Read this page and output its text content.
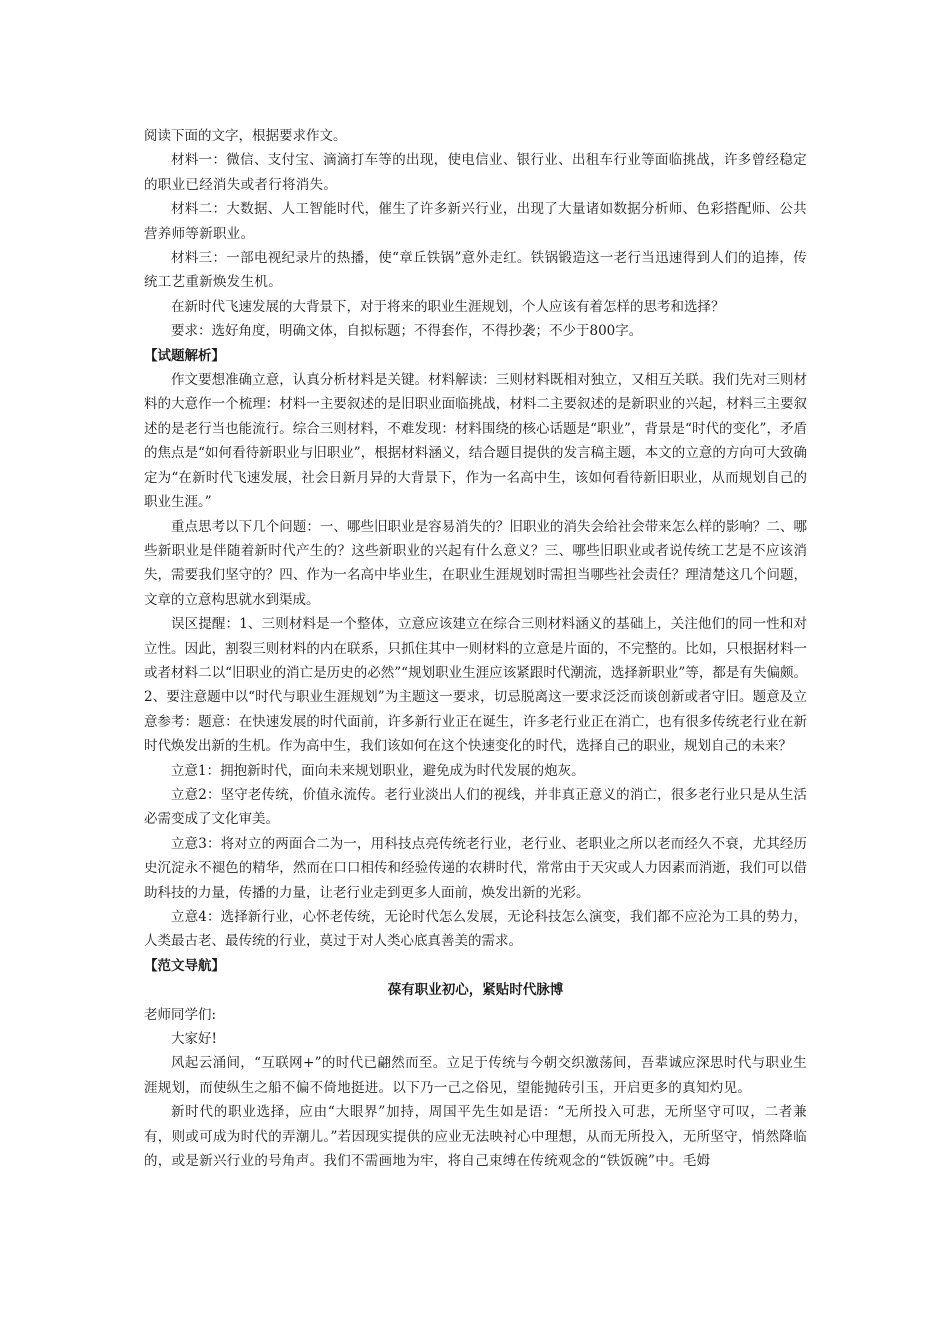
阅读下面的文字，根据要求作文。

材料一：微信、支付宝、滴滴打车等的出现，使电信业、银行业、出租车行业等面临挑战，许多曾经稳定的职业已经消失或者行将消失。

材料二：大数据、人工智能时代，催生了许多新兴行业，出现了大量诸如数据分析师、色彩搭配师、公共营养师等新职业。

材料三：一部电视纪录片的热播，使“章丘铁锅”意外走红。铁锅锻造这一老行当迅速得到人们的追捧，传统工艺重新焕发生机。

在新时代飞速发展的大背景下，对于将来的职业生涯规划，个人应该有着怎样的思考和选择？

要求：选好角度，明确文体，自拟标题；不得套作，不得抄袭；不少于800字。

【试题解析】

作文要想准确立意，认真分析材料是关键。材料解读：三则材料既相对独立，又相互关联。我们先对三则材料的大意作一个梳理：材料一主要叙述的是旧职业面临挑战，材料二主要叙述的是新职业的兴起，材料三主要叙述的是老行当也能流行。综合三则材料，不难发现：材料围绕的核心话题是“职业”，背景是“时代的变化”，矛盾的焦点是“如何看待新职业与旧职业”，根据材料涵义，结合题目提供的发言稿主题，本文的立意的方向可大致确定为“在新时代飞速发展，社会日新月异的大背景下，作为一名高中生，该如何看待新旧职业，从而规划自己的职业生涯。”

重点思考以下几个问题：一、哪些旧职业是容易消失的？旧职业的消失会给社会带来怎么样的影响？二、哪些新职业是伴随着新时代产生的？这些新职业的兴起有什么意义？三、哪些旧职业或者说传统工艺是不应该消失，需要我们坚守的？四、作为一名高中毕业生，在职业生涯规划时需担当哪些社会责任？理清楚这几个问题，文章的立意构思就水到渠成。

误区提醒：1、三则材料是一个整体，立意应该建立在综合三则材料涵义的基础上，关注他们的同一性和对立性。因此，割裂三则材料的内在联系，只抓住其中一则材料的立意是片面的，不完整的。比如，只根据材料一或者材料二以“旧职业的消亡是历史的必然”“规划职业生涯应该紧跟时代潮流，选择新职业”等，都是有失偏颇。2、要注意题中以“时代与职业生涯规划”为主题这一要求，切忌脱离这一要求泛泛而谈创新或者守旧。题意及立意参考：题意：在快速发展的时代面前，许多新行业正在诞生，许多老行业正在消亡，也有很多传统老行业在新时代焕发出新的生机。作为高中生，我们该如何在这个快速变化的时代，选择自己的职业，规划自己的未来？

立意1：拥抱新时代，面向未来规划职业，避免成为时代发展的炮灰。

立意2：坚守老传统，价值永流传。老行业淡出人们的视线，并非真正意义的消亡，很多老行业只是从生活必需变成了文化审美。

立意3：将对立的两面合二为一，用科技点亮传统老行业，老行业、老职业之所以老而经久不衰，尤其经历史沉淀永不褪色的精华，然而在口口相传和经验传递的农耕时代，常常由于天灾或人力因素而消逝，我们可以借助科技的力量，传播的力量，让老行业走到更多人面前，焕发出新的光彩。

立意4：选择新行业，心怀老传统，无论时代怎么发展，无论科技怎么演变，我们都不应沦为工具的势力，人类最古老、最传统的行业，莫过于对人类心底真善美的需求。

【范文导航】

葆有职业初心，紧贴时代脉博

老师同学们:

大家好!

风起云涌间，“互联网+”的时代已翩然而至。立足于传统与今朝交织激荡间，吾辈诚应深思时代与职业生涯规划，而使纵生之船不偏不倚地挺进。以下乃一己之俗见，望能抛砖引玉，开启更多的真知灼见。

新时代的职业选择，应由“大眼界”加持，周国平先生如是语：“无所投入可悲，无所坚守可叹，二者兼有，则或可成为时代的弄潮儿。”若因现实提供的应业无法映衬心中理想，从而无所投入，无所坚守，悄然降临的，或是新兴行业的号角声。我们不需画地为牢，将自己束缚在传统观念的“铁饭碗”中。毛姆
